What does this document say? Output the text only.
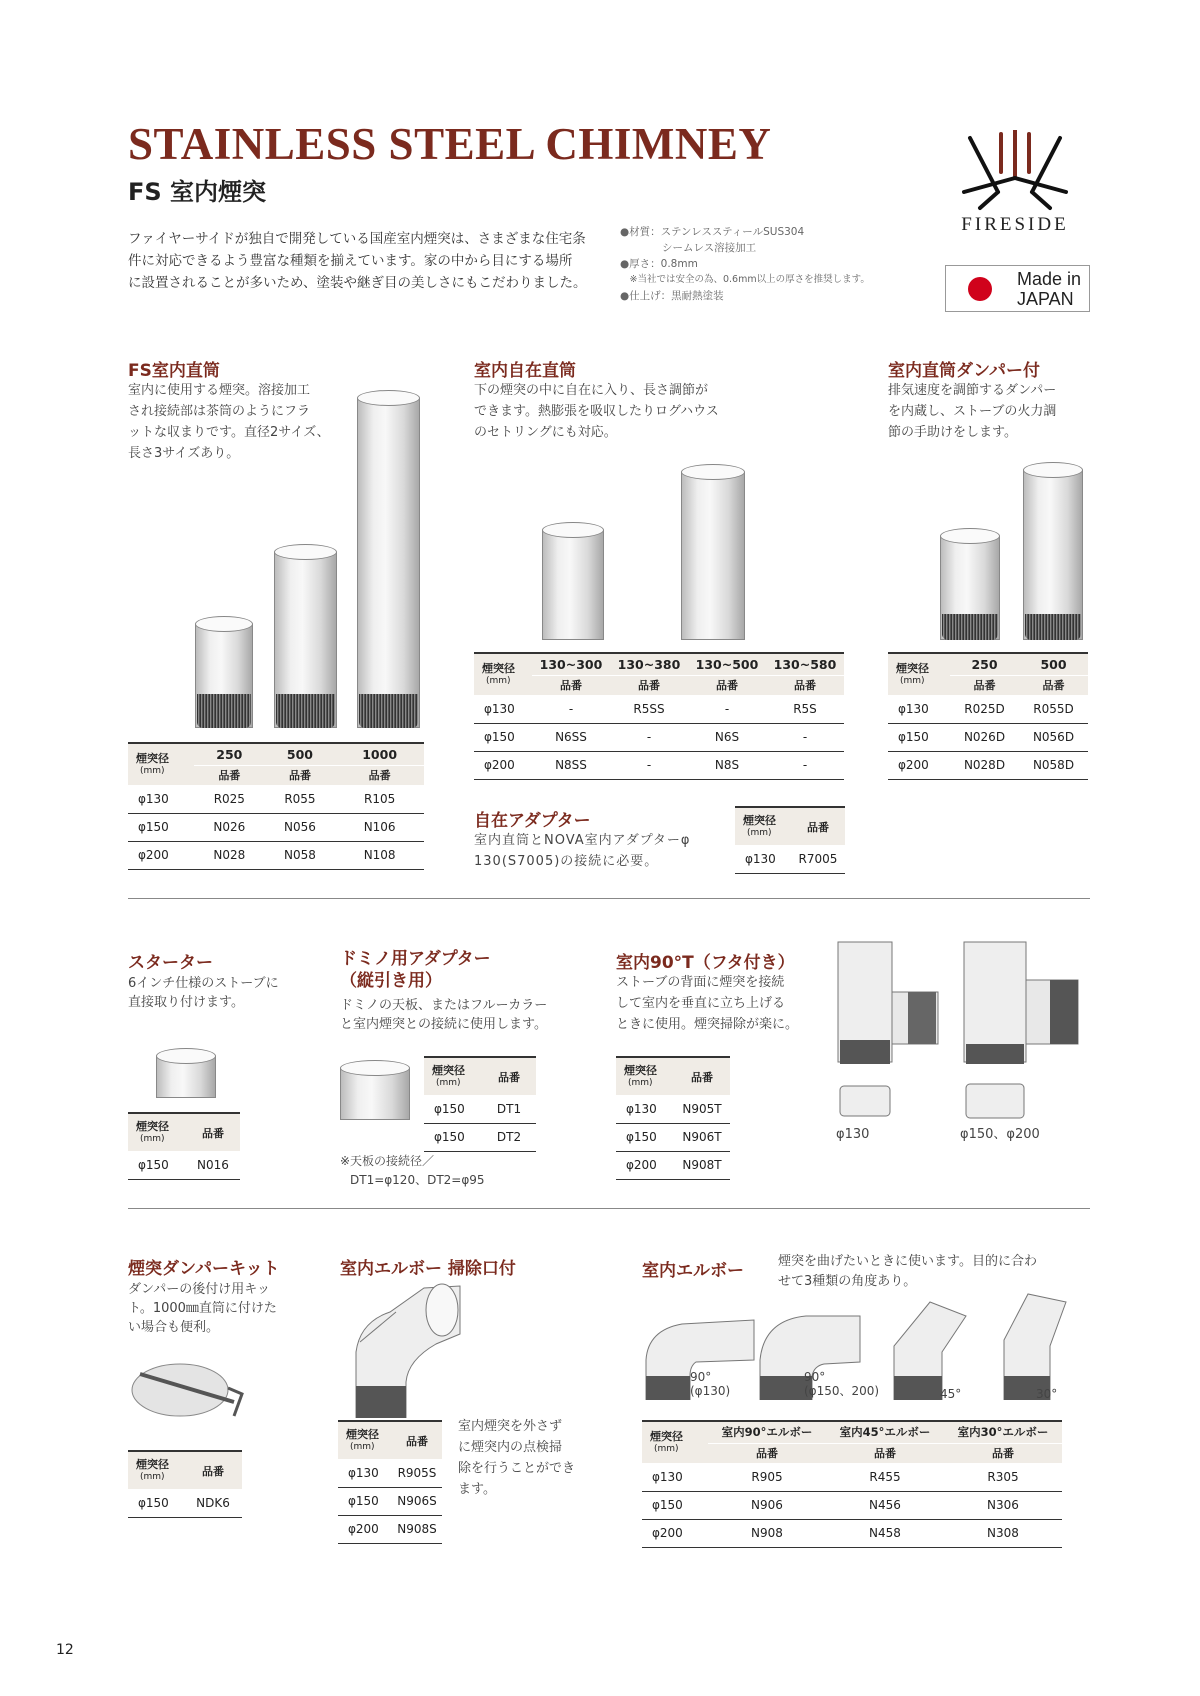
STAINLESS STEEL CHIMNEY
FS 室内煙突
ファイヤーサイドが独自で開発している国産室内煙突は、さまざまな住宅条
件に対応できるよう豊富な種類を揃えています。家の中から目にする場所
に設置されることが多いため、塗装や継ぎ目の美しさにもこだわりました。
●材質：ステンレススティールSUS304
　　　　シームレス溶接加工
●厚さ：0.8mm
　※当社では安全の為、0.6mm以上の厚さを推奨します。
●仕上げ：黒耐熱塗装
FIRESIDE
Made in
JAPAN
FS室内直筒
室内に使用する煙突。溶接加工
され接続部は茶筒のようにフラ
ットな収まりです。直径2サイズ、
長さ3サイズあり。
煙突径
(mm)	250	500	1000
	品番	品番	品番
φ130	R025	R055	R105
φ150	N026	N056	N106
φ200	N028	N058	N108
室内自在直筒
下の煙突の中に自在に入り、長さ調節が
できます。熱膨張を吸収したりログハウス
のセトリングにも対応。
煙突径
(mm)	130~300	130~380	130~500	130~580
	品番	品番	品番	品番
φ130	-	R5SS	-	R5S
φ150	N6SS	-	N6S	-
φ200	N8SS	-	N8S	-
室内直筒ダンパー付
排気速度を調節するダンパー
を内蔵し、ストーブの火力調
節の手助けをします。
煙突径
(mm)	250	500
	品番	品番
φ130	R025D	R055D
φ150	N026D	N056D
φ200	N028D	N058D
自在アダプター
室内直筒とNOVA室内アダプターφ
130(S7005)の接続に必要。
煙突径
(mm)	品番
φ130	R7005
スターター
6インチ仕様のストーブに
直接取り付けます。
煙突径
(mm)	品番
φ150	N016
ドミノ用アダプター
（縦引き用）
ドミノの天板、またはフルーカラー
と室内煙突との接続に使用します。
煙突径
(mm)	品番
φ150	DT1
φ150	DT2
※天板の接続径／
DT1=φ120、DT2=φ95
室内90°T（フタ付き）
ストーブの背面に煙突を接続
して室内を垂直に立ち上げる
ときに使用。煙突掃除が楽に。
煙突径
(mm)	品番
φ130	N905T
φ150	N906T
φ200	N908T
φ130	φ150、φ200
煙突ダンパーキット
ダンパーの後付け用キッ
ト。1000㎜直筒に付けた
い場合も便利。
煙突径
(mm)	品番
φ150	NDK6
室内エルボー 掃除口付
煙突径
(mm)	品番
φ130	R905S
φ150	N906S
φ200	N908S
室内煙突を外さず
に煙突内の点検掃
除を行うことができ
ます。
室内エルボー	煙突を曲げたいときに使います。目的に合わ
せて3種類の角度あり。
90°
(φ130)
90°
(φ150、200)	45°	30°
煙突径
(mm)	室内90°エルボー	室内45°エルボー	室内30°エルボー
	品番	品番	品番
φ130	R905	R455	R305
φ150	N906	N456	N306
φ200	N908	N458	N308
12
